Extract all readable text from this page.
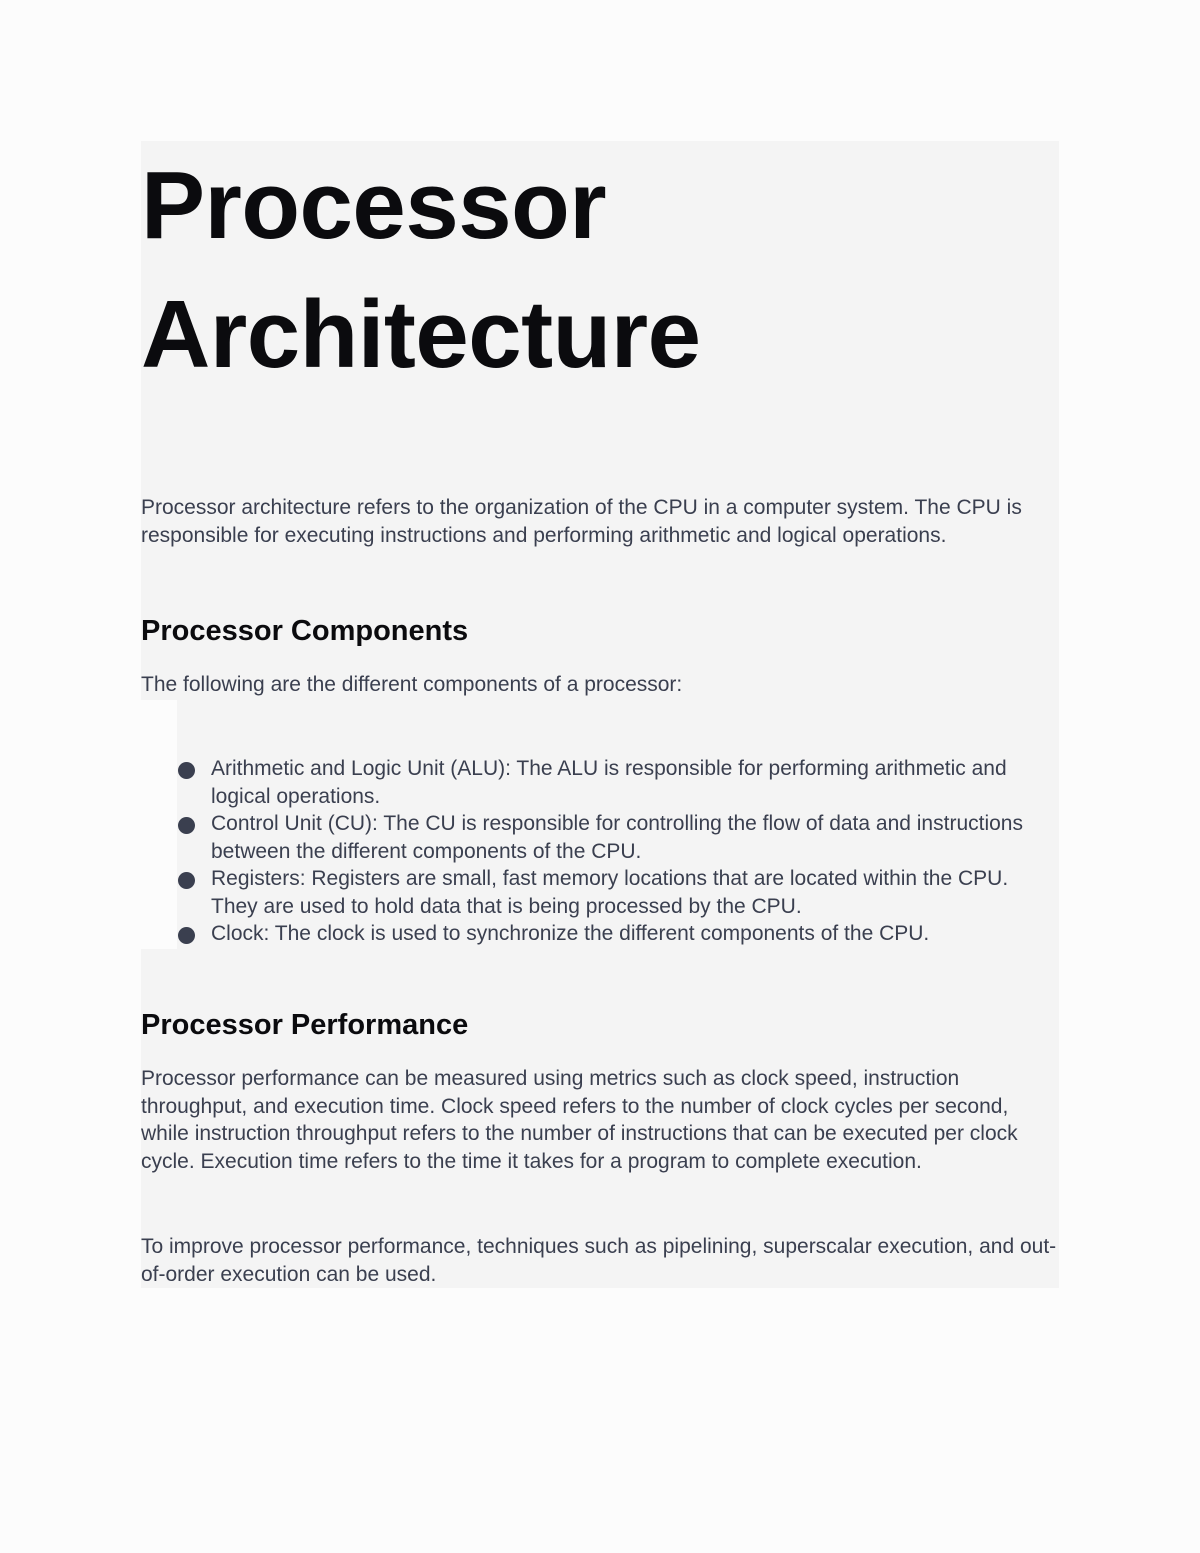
Processor
Architecture

Processor architecture refers to the organization of the CPU in a computer system. The CPU is responsible for executing instructions and performing arithmetic and logical operations.

Processor Components

The following are the different components of a processor:

Arithmetic and Logic Unit (ALU): The ALU is responsible for performing arithmetic and logical operations.
Control Unit (CU): The CU is responsible for controlling the flow of data and instructions between the different components of the CPU.
Registers: Registers are small, fast memory locations that are located within the CPU. They are used to hold data that is being processed by the CPU.
Clock: The clock is used to synchronize the different components of the CPU.
Processor Performance

Processor performance can be measured using metrics such as clock speed, instruction throughput, and execution time. Clock speed refers to the number of clock cycles per second, while instruction throughput refers to the number of instructions that can be executed per clock cycle. Execution time refers to the time it takes for a program to complete execution.

To improve processor performance, techniques such as pipelining, superscalar execution, and out-of-order execution can be used.
